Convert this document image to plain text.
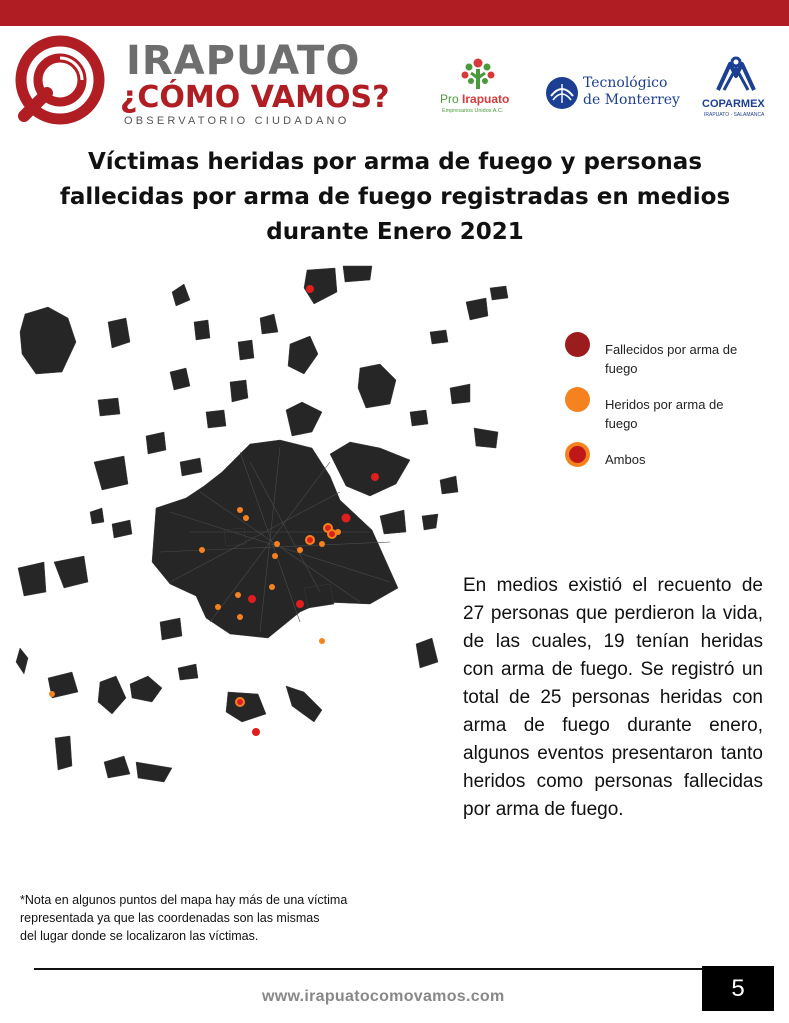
IRAPUATO
¿CÓMO VAMOS?
OBSERVATORIO CIUDADANO
Pro Irapuato
Empresarios Unidos A.C.
Tecnológico
de Monterrey COPARMEX
IRAPUATO · SALAMANCA
Víctimas heridas por arma de fuego y personas fallecidas por arma de fuego registradas en medios durante Enero 2021
Fallecidos por arma de fuego
Heridos por arma de fuego
Ambos
En medios existió el recuento de 27 personas que perdieron la vida, de las cuales, 19 tenían heridas con arma de fuego. Se registró un total de 25 personas heridas con arma de fuego durante enero, algunos eventos presentaron tanto heridos como personas fallecidas por arma de fuego.
*Nota en algunos puntos del mapa hay más de una víctima
representada ya que las coordenadas son las mismas
del lugar donde se localizaron las víctimas.
www.irapuatocomovamos.com	5
